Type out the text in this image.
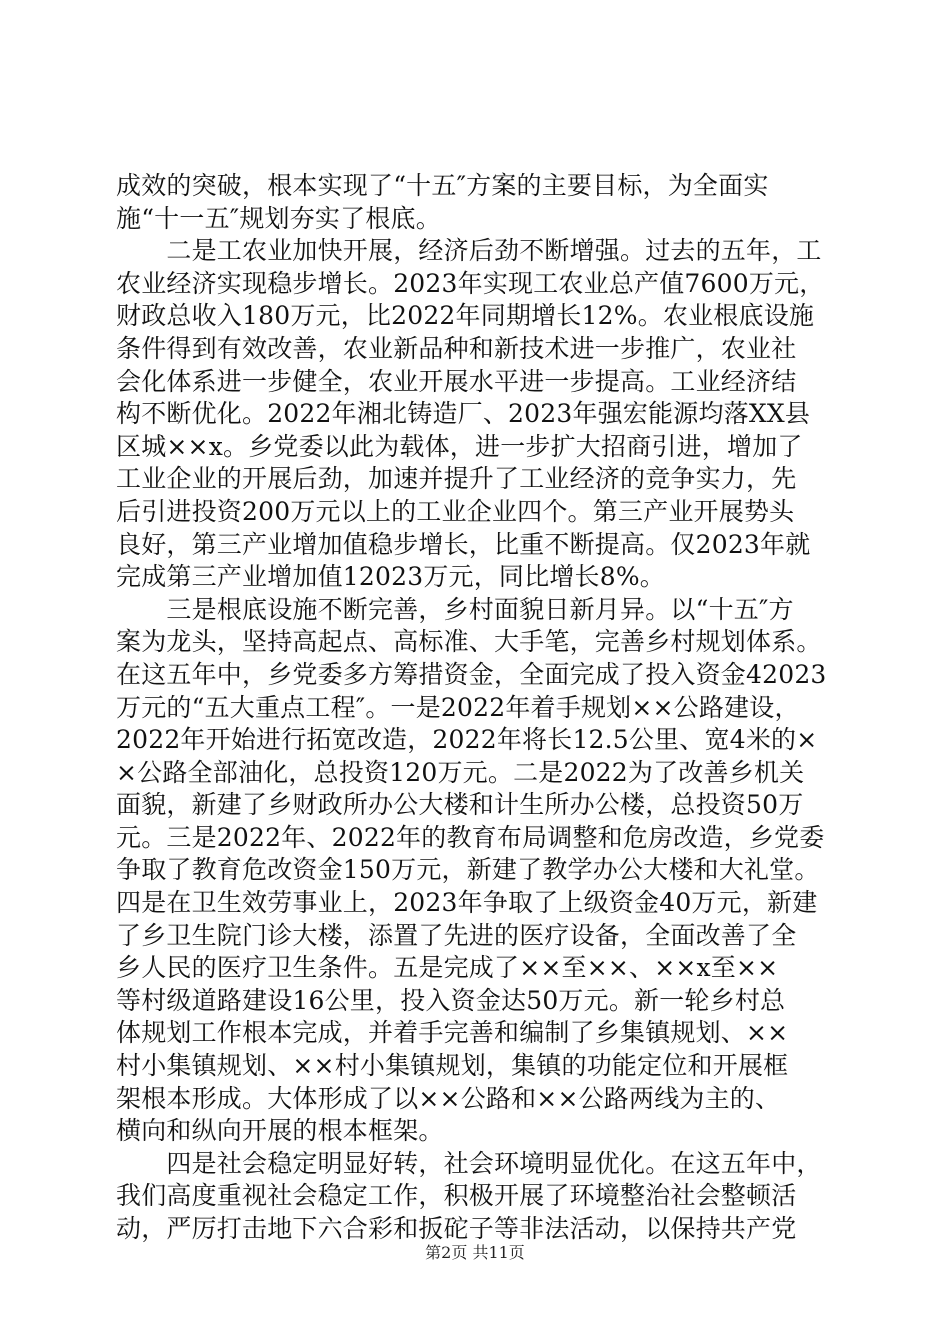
成效的突破，根本实现了“十五″方案的主要目标，为全面实
施“十一五″规划夯实了根底。
　　二是工农业加快开展，经济后劲不断增强。过去的五年，工
农业经济实现稳步增长。2023年实现工农业总产值7600万元，
财政总收入180万元，比2022年同期增长12%。农业根底设施
条件得到有效改善，农业新品种和新技术进一步推广，农业社
会化体系进一步健全，农业开展水平进一步提高。工业经济结
构不断优化。2022年湘北铸造厂、2023年强宏能源均落XX县
区城××x。乡党委以此为载体，进一步扩大招商引进，增加了
工业企业的开展后劲，加速并提升了工业经济的竞争实力，先
后引进投资200万元以上的工业企业四个。第三产业开展势头
良好，第三产业增加值稳步增长，比重不断提高。仅2023年就
完成第三产业增加值12023万元，同比增长8%。
　　三是根底设施不断完善，乡村面貌日新月异。以“十五″方
案为龙头，坚持高起点、高标准、大手笔，完善乡村规划体系。
在这五年中，乡党委多方筹措资金，全面完成了投入资金42023
万元的“五大重点工程″。一是2022年着手规划××公路建设，
2022年开始进行拓宽改造，2022年将长12.5公里、宽4米的×
×公路全部油化，总投资120万元。二是2022为了改善乡机关
面貌，新建了乡财政所办公大楼和计生所办公楼，总投资50万
元。三是2022年、2022年的教育布局调整和危房改造，乡党委
争取了教育危改资金150万元，新建了教学办公大楼和大礼堂。
四是在卫生效劳事业上，2023年争取了上级资金40万元，新建
了乡卫生院门诊大楼，添置了先进的医疗设备，全面改善了全
乡人民的医疗卫生条件。五是完成了××至××、××x至××
等村级道路建设16公里，投入资金达50万元。新一轮乡村总
体规划工作根本完成，并着手完善和编制了乡集镇规划、××
村小集镇规划、××村小集镇规划，集镇的功能定位和开展框
架根本形成。大体形成了以××公路和××公路两线为主的、
横向和纵向开展的根本框架。
　　四是社会稳定明显好转，社会环境明显优化。在这五年中，
我们高度重视社会稳定工作，积极开展了环境整治社会整顿活
动，严厉打击地下六合彩和扳砣子等非法活动，以保持共产党
第2页 共11页
